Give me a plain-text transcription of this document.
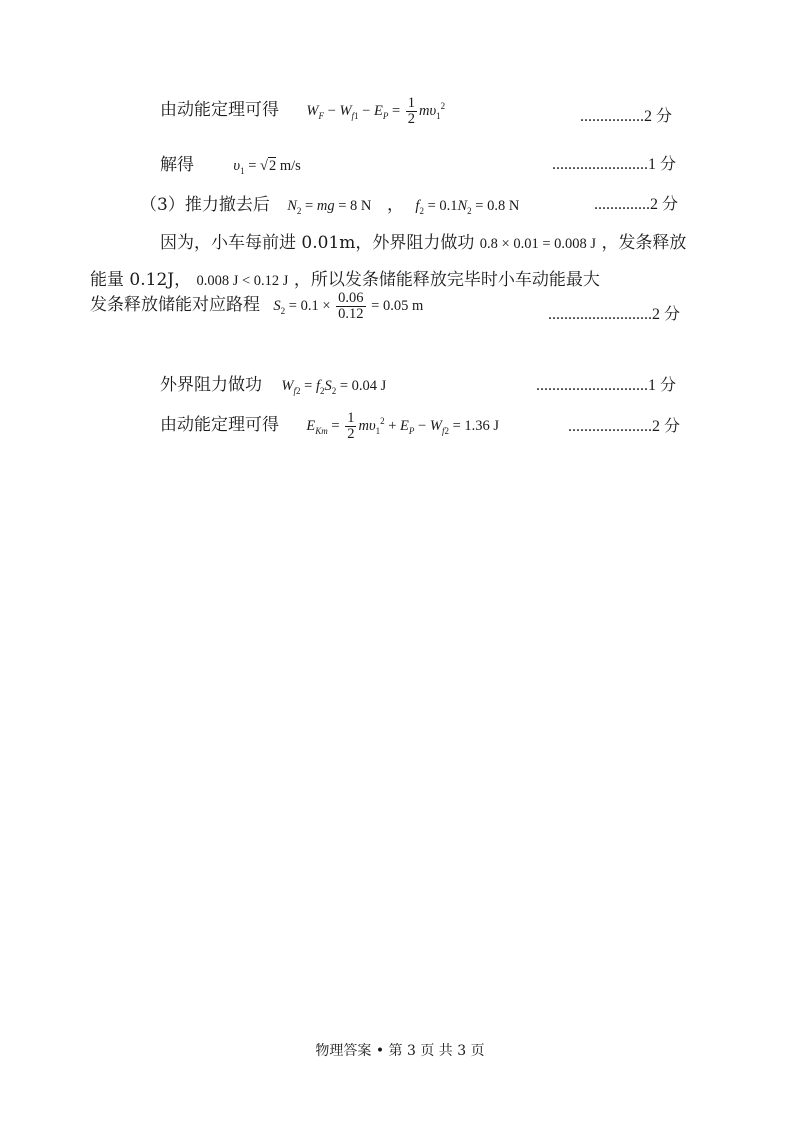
由动能定理可得 $W_F - W_{f1} - E_P = \frac{1}{2} m\upsilon_1^2$
................2 分
解得	$\upsilon_1 = √2$ m/s	........................1 分
（3）推力撤去后 $N_2$ = mg = 8 N ， $f_2 = 0.1N_2 = 0.8$ N	..............2 分
因为，小车每前进 0.01m，外界阻力做功 0.8 × 0.01 = 0.008 J ，发条释放
能量 0.12J， 0.008 J < 0.12 J ，所以发条储能释放完毕时小车动能最大
发条释放储能对应路程 $S_2 = 0.1 \times \frac{0.06}{0.12} = 0.05$ m	..........................2 分
外界阻力做功 $W_{f2} = f_2S_2 = 0.04$ J	............................1 分
由动能定理可得 $E_{Km} = \frac{1}{2} m\upsilon_1^2 + E_P - W_{f2} = 1.36$ J	.....................2 分
物理答案 • 第 3 页 共 3 页
